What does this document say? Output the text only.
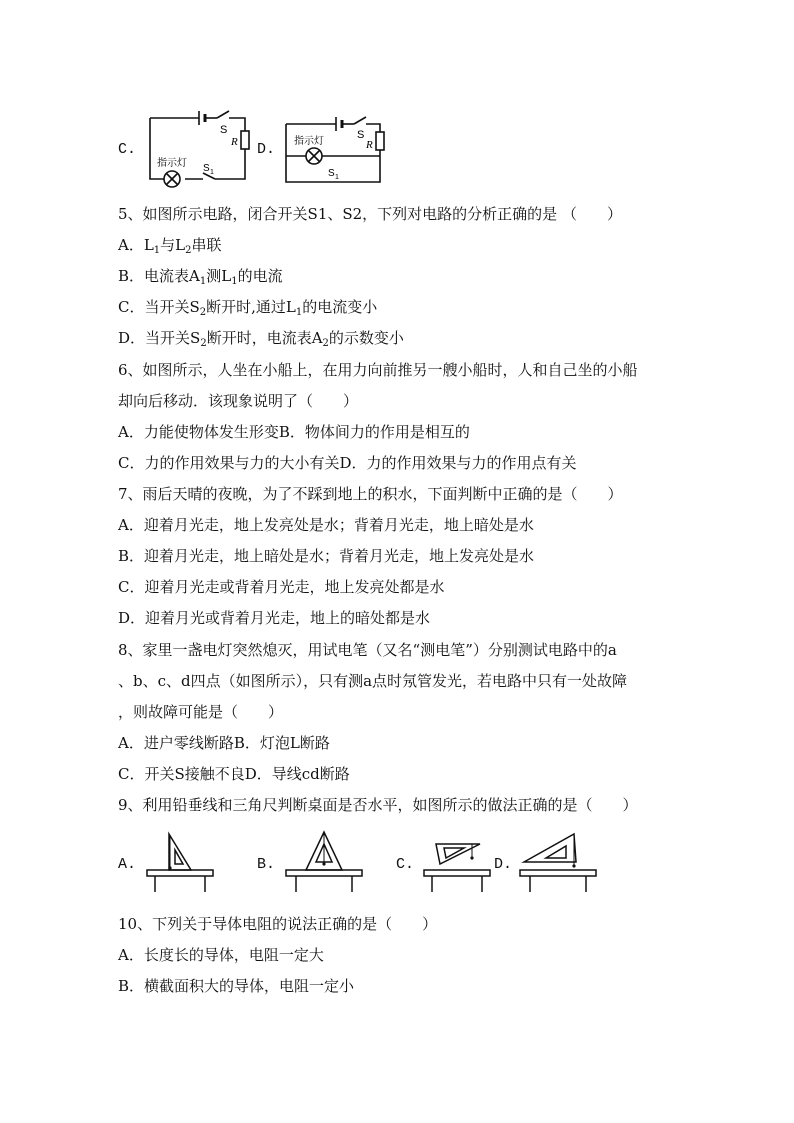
C.
S
R
S 1
指示灯
D.
S
R
S 1
指示灯
5、如图所示电路，闭合开关S1、S2，下列对电路的分析正确的是 （　　）
A．$L_1$与$L_2$串联
B．电流表$A_1$测$L_1$的电流
C．当开关$S_2$断开时,通过$L_1$的电流变小
D．当开关$S_2$断开时，电流表$A_2$的示数变小
6、如图所示，人坐在小船上，在用力向前推另一艘小船时，人和自己坐的小船
却向后移动．该现象说明了（　　）
A．力能使物体发生形变B．物体间力的作用是相互的
C．力的作用效果与力的大小有关D．力的作用效果与力的作用点有关
7、雨后天晴的夜晚，为了不踩到地上的积水，下面判断中正确的是（　　）
A．迎着月光走，地上发亮处是水；背着月光走，地上暗处是水
B．迎着月光走，地上暗处是水；背着月光走，地上发亮处是水
C．迎着月光走或背着月光走，地上发亮处都是水
D．迎着月光或背着月光走，地上的暗处都是水
8、家里一盏电灯突然熄灭，用试电笔（又名“测电笔”）分别测试电路中的a
、b、c、d四点（如图所示），只有测a点时氖管发光，若电路中只有一处故障
，则故障可能是（　　）
A．进户零线断路B．灯泡L断路
C．开关S接触不良D．导线cd断路
9、利用铅垂线和三角尺判断桌面是否水平，如图所示的做法正确的是（　　）
A.	B.	C.	D.
10、下列关于导体电阻的说法正确的是（　　）
A．长度长的导体，电阻一定大
B．横截面积大的导体，电阻一定小
